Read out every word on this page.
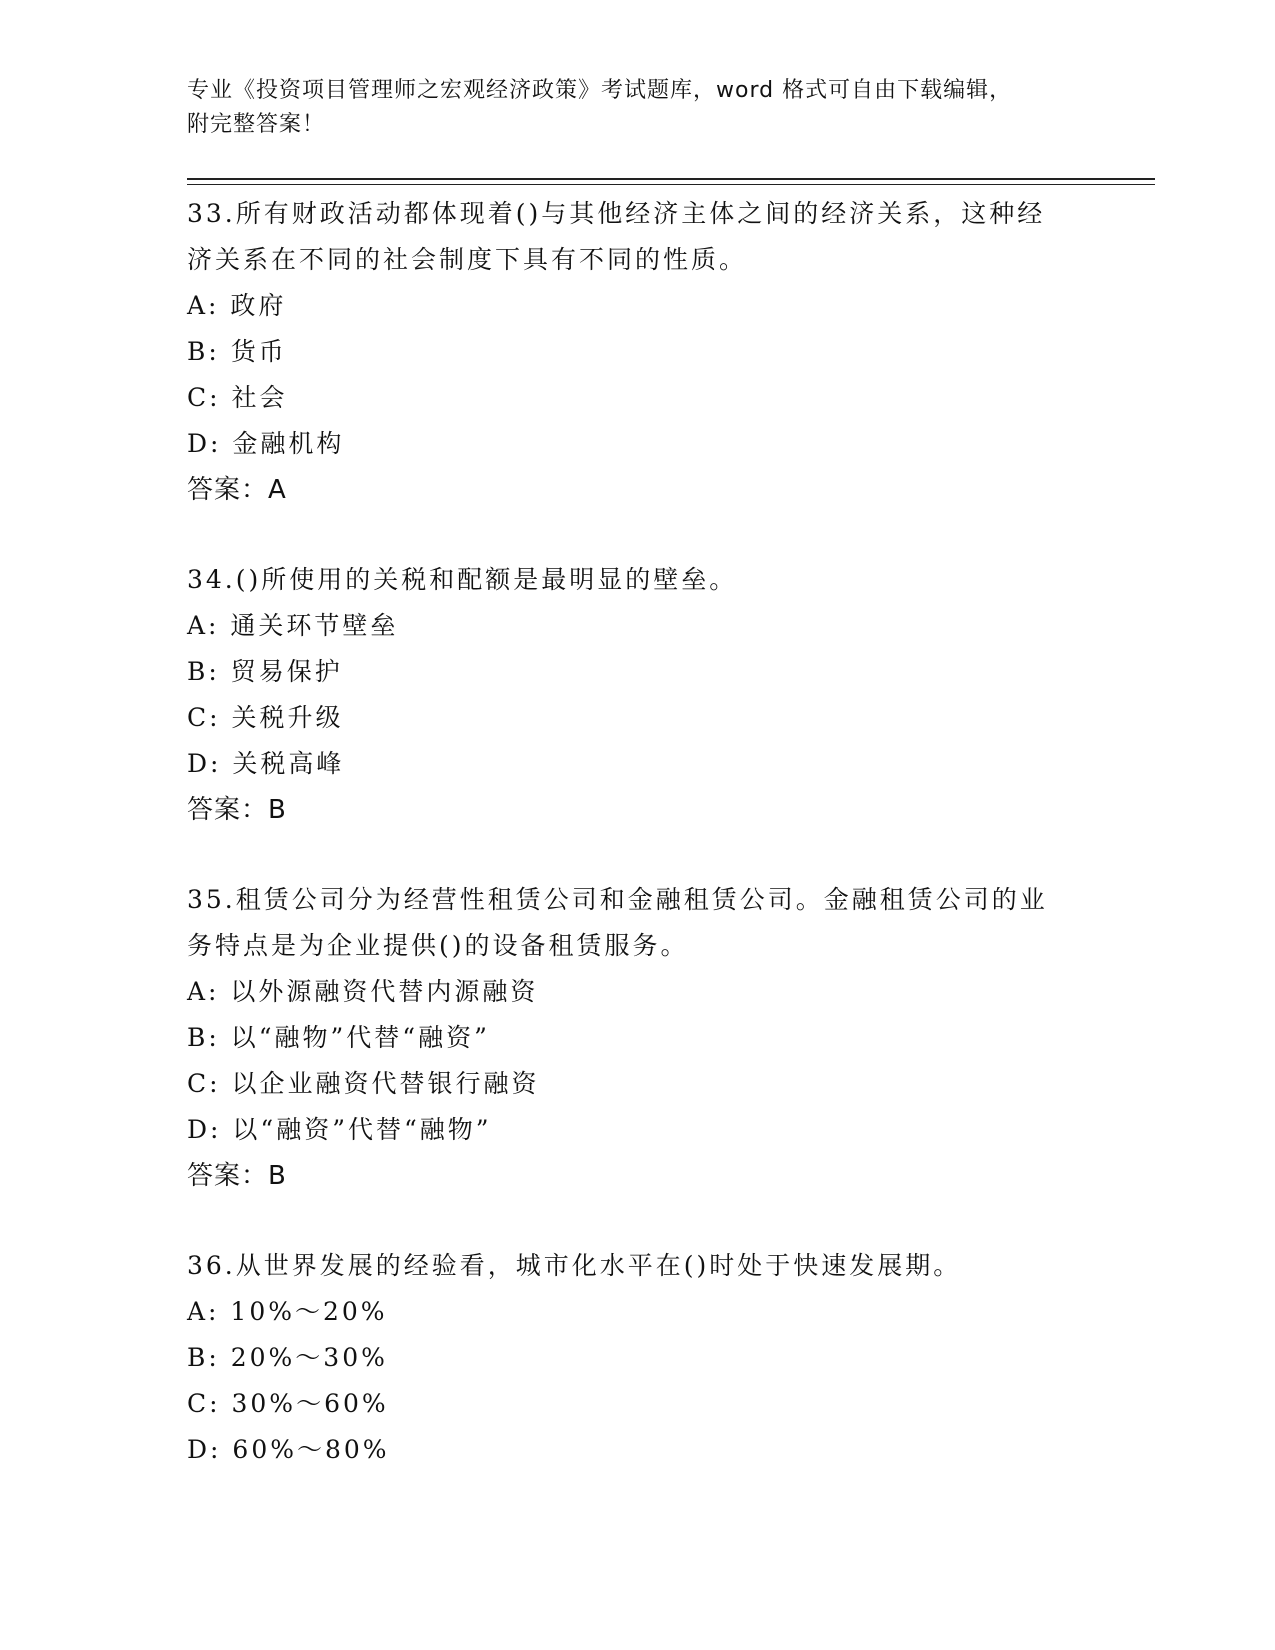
专业《投资项目管理师之宏观经济政策》考试题库，word 格式可自由下载编辑，
附完整答案！

33.所有财政活动都体现着()与其他经济主体之间的经济关系，这种经

济关系在不同的社会制度下具有不同的性质。

A: 政府

B: 货币

C: 社会

D: 金融机构

答案：A

34.()所使用的关税和配额是最明显的壁垒。

A: 通关环节壁垒

B: 贸易保护

C: 关税升级

D: 关税高峰

答案：B

35.租赁公司分为经营性租赁公司和金融租赁公司。金融租赁公司的业

务特点是为企业提供()的设备租赁服务。

A: 以外源融资代替内源融资

B: 以“融物”代替“融资”

C: 以企业融资代替银行融资

D: 以“融资”代替“融物”

答案：B

36.从世界发展的经验看，城市化水平在()时处于快速发展期。

A: 10%～20%

B: 20%～30%

C: 30%～60%

D: 60%～80%
